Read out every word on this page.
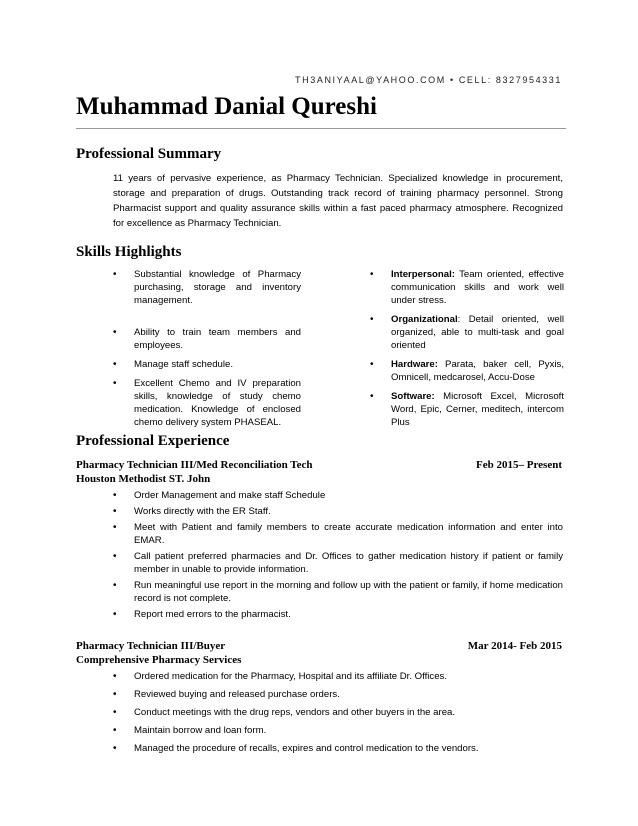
TH3ANIYAAL@YAHOO.COM • CELL: 8327954331
Muhammad Danial Qureshi
Professional Summary

11 years of pervasive experience, as Pharmacy Technician. Specialized knowledge in procurement, storage and preparation of drugs. Outstanding track record of training pharmacy personnel. Strong Pharmacist support and quality assurance skills within a fast paced pharmacy atmosphere. Recognized for excellence as Pharmacy Technician.

Skills Highlights
• Substantial knowledge of Pharmacy purchasing, storage and inventory management.
• Ability to train team members and employees.
• Manage staff schedule.
• Excellent Chemo and IV preparation skills, knowledge of study chemo medication. Knowledge of enclosed chemo delivery system PHASEAL.
• Interpersonal: Team oriented, effective communication skills and work well under stress.
• Organizational: Detail oriented, well organized, able to multi-task and goal oriented
• Hardware: Parata, baker cell, Pyxis, Omnicell, medcarosel, Accu-Dose
• Software: Microsoft Excel, Microsoft Word, Epic, Cerner, meditech, intercom Plus
Professional Experience
Pharmacy Technician III/Med Reconciliation Tech	Feb 2015– Present
Houston Methodist ST. John
• Order Management and make staff Schedule
• Works directly with the ER Staff.
• Meet with Patient and family members to create accurate medication information and enter into EMAR.
• Call patient preferred pharmacies and Dr. Offices to gather medication history if patient or family member in unable to provide information.
• Run meaningful use report in the morning and follow up with the patient or family, if home medication record is not complete.
• Report med errors to the pharmacist.
Pharmacy Technician III/Buyer	Mar 2014- Feb 2015
Comprehensive Pharmacy Services
• Ordered medication for the Pharmacy, Hospital and its affiliate Dr. Offices.
• Reviewed buying and released purchase orders.
• Conduct meetings with the drug reps, vendors and other buyers in the area.
• Maintain borrow and loan form.
• Managed the procedure of recalls, expires and control medication to the vendors.
